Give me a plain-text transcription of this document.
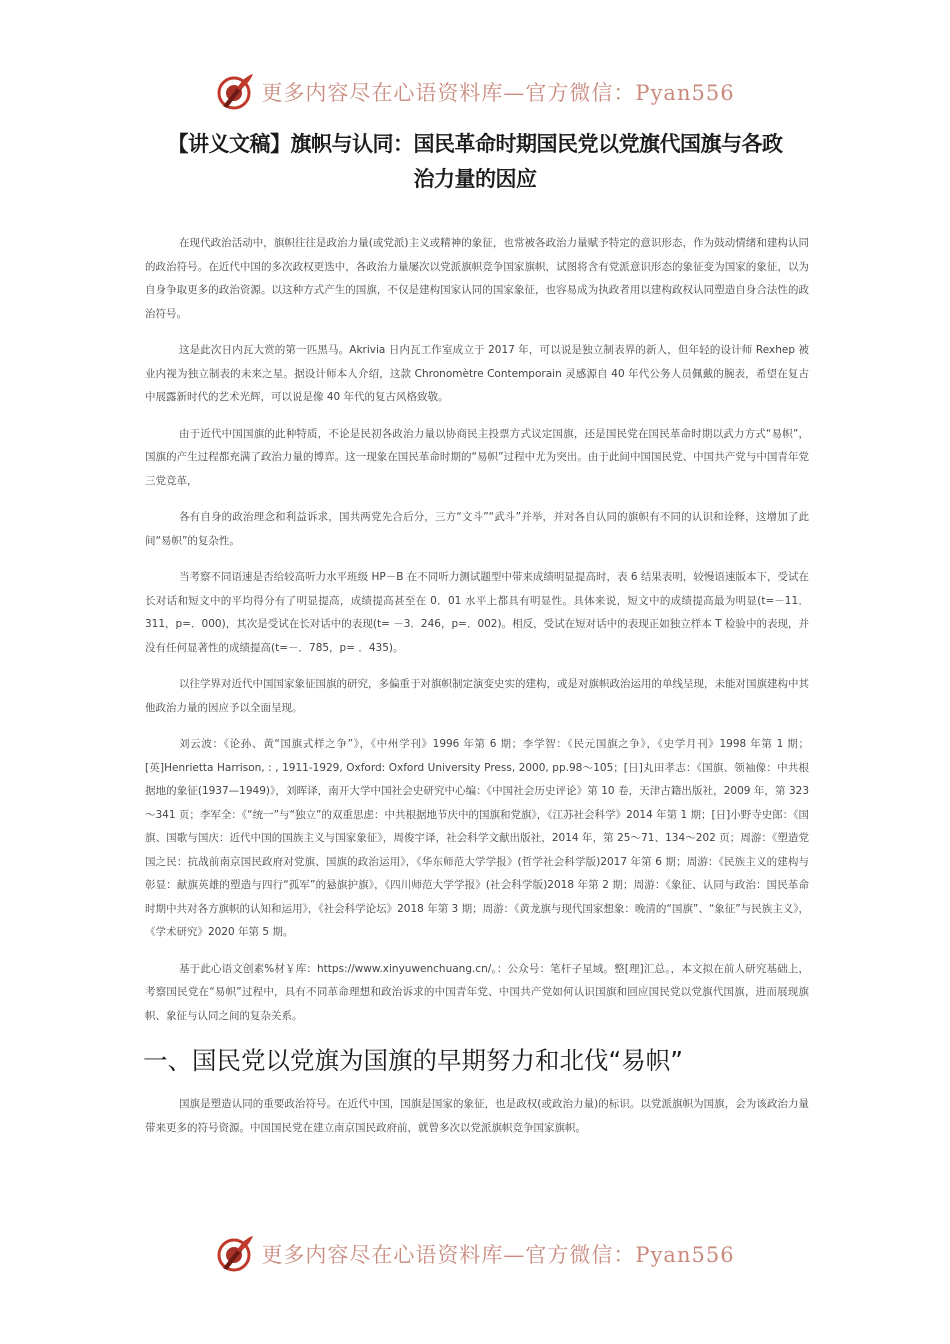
更多内容尽在心语资料库—官方微信：Pyan556
【讲义文稿】旗帜与认同：国民革命时期国民党以党旗代国旗与各政
治力量的因应

在现代政治活动中，旗帜往往是政治力量(或党派)主义或精神的象征，也常被各政治力量赋予特定的意识形态，作为鼓动情绪和建构认同的政治符号。在近代中国的多次政权更迭中，各政治力量屡次以党派旗帜竞争国家旗帜，试图将含有党派意识形态的象征变为国家的象征，以为自身争取更多的政治资源。以这种方式产生的国旗，不仅是建构国家认同的国家象征，也容易成为执政者用以建构政权认同塑造自身合法性的政治符号。

这是此次日内瓦大赏的第一匹黑马。Akrivia 日内瓦工作室成立于 2017 年，可以说是独立制表界的新人，但年轻的设计师 Rexhep 被业内视为独立制表的未来之星。据设计师本人介绍，这款 Chronomètre Contemporain 灵感源自 40 年代公务人员佩戴的腕表，希望在复古中展露新时代的艺术光辉，可以说是像 40 年代的复古风格致敬。

由于近代中国国旗的此种特质，不论是民初各政治力量以协商民主投票方式议定国旗，还是国民党在国民革命时期以武力方式“易帜”，国旗的产生过程都充满了政治力量的博弈。这一现象在国民革命时期的“易帜”过程中尤为突出。由于此间中国国民党、中国共产党与中国青年党三党竞革，

各有自身的政治理念和利益诉求，国共两党先合后分，三方“文斗”“武斗”并举，并对各自认同的旗帜有不同的认识和诠释，这增加了此间“易帜”的复杂性。

当考察不同语速是否给较高听力水平班级 HP－B 在不同听力测试题型中带来成绩明显提高时，表 6 结果表明，较慢语速版本下，受试在长对话和短文中的平均得分有了明显提高，成绩提高甚至在 0．01 水平上都具有明显性。具体来说，短文中的成绩提高最为明显(t=－11．311，p=．000)，其次是受试在长对话中的表现(t= －3．246，p=．002)。相反，受试在短对话中的表现正如独立样本 T 检验中的表现，并没有任何显著性的成绩提高(t=－．785，p= ．435)。

以往学界对近代中国国家象征国旗的研究，多偏重于对旗帜制定演变史实的建构，或是对旗帜政治运用的单线呈现，未能对国旗建构中其他政治力量的因应予以全面呈现。

刘云波：《论孙、黄“国旗式样之争”》，《中州学刊》1996 年第 6 期；李学智：《民元国旗之争》，《史学月刊》1998 年第 1 期；[英]Henrietta Harrison, : , 1911-1929, Oxford: Oxford University Press, 2000, pp.98～105；[日]丸田孝志：《国旗、领袖像：中共根据地的象征(1937—1949)》，刘晖译，南开大学中国社会史研究中心编：《中国社会历史评论》第 10 卷，天津古籍出版社，2009 年，第 323～341 页；李军全：《“统一”与“独立”的双重思虑：中共根据地节庆中的国旗和党旗》，《江苏社会科学》2014 年第 1 期；[日]小野寺史郎：《国旗、国歌与国庆：近代中国的国族主义与国家象征》，周俊宇译，社会科学文献出版社，2014 年，第 25～71、134～202 页；周游：《塑造党国之民：抗战前南京国民政府对党旗、国旗的政治运用》，《华东师范大学学报》(哲学社会科学版)2017 年第 6 期；周游：《民族主义的建构与彰显：献旗英雄的塑造与四行“孤军”的悬旗护旗》，《四川师范大学学报》(社会科学版)2018 年第 2 期；周游：《象征、认同与政治：国民革命时期中共对各方旗帜的认知和运用》，《社会科学论坛》2018 年第 3 期；周游：《黄龙旗与现代国家想象：晚清的“国旗”、“象征”与民族主义》，《学术研究》2020 年第 5 期。

基于此心语文创素%材￥库：https://www.xinyuwenchuang.cn/。：公众号：笔杆子星域。整[理]汇总。，本文拟在前人研究基础上，考察国民党在“易帜”过程中，具有不同革命理想和政治诉求的中国青年党、中国共产党如何认识国旗和回应国民党以党旗代国旗，进而展现旗帜、象征与认同之间的复杂关系。

一、国民党以党旗为国旗的早期努力和北伐“易帜”

国旗是塑造认同的重要政治符号。在近代中国，国旗是国家的象征，也是政权(或政治力量)的标识。以党派旗帜为国旗，会为该政治力量带来更多的符号资源。中国国民党在建立南京国民政府前，就曾多次以党派旗帜竞争国家旗帜。

更多内容尽在心语资料库—官方微信：Pyan556
